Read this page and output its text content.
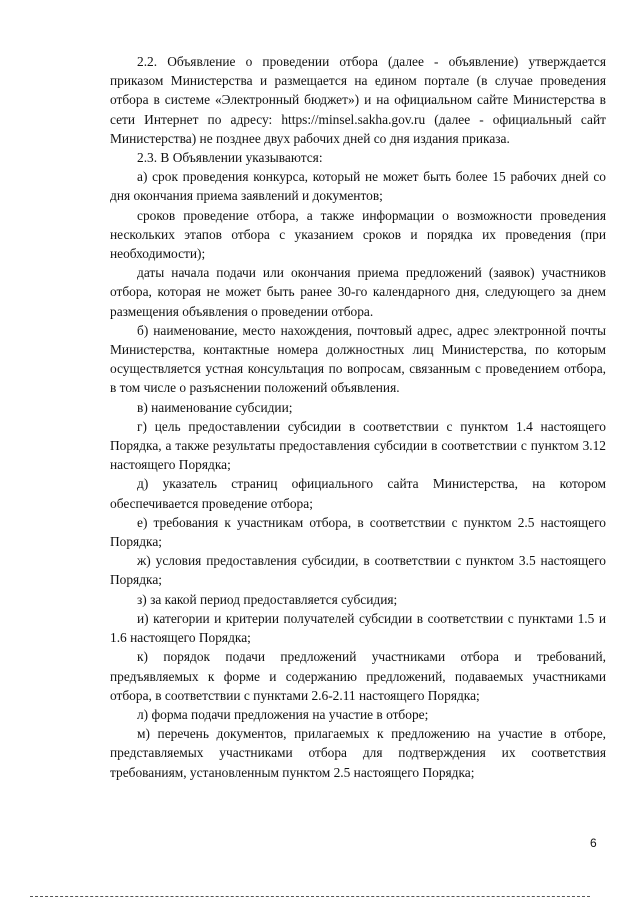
2.2. Объявление о проведении отбора (далее - объявление) утверждается приказом Министерства и размещается на едином портале (в случае проведения отбора в системе «Электронный бюджет») и на официальном сайте Министерства в сети Интернет по адресу: https://minsel.sakha.gov.ru (далее - официальный сайт Министерства) не позднее двух рабочих дней со дня издания приказа.

2.3. В Объявлении указываются:

а) срок проведения конкурса, который не может быть более 15 рабочих дней со дня окончания приема заявлений и документов;

сроков проведение отбора, а также информации о возможности проведения нескольких этапов отбора с указанием сроков и порядка их проведения (при необходимости);

даты начала подачи или окончания приема предложений (заявок) участников отбора, которая не может быть ранее 30-го календарного дня, следующего за днем размещения объявления о проведении отбора.

б) наименование, место нахождения, почтовый адрес, адрес электронной почты Министерства, контактные номера должностных лиц Министерства, по которым осуществляется устная консультация по вопросам, связанным с проведением отбора, в том числе о разъяснении положений объявления.

в) наименование субсидии;

г) цель предоставлении субсидии в соответствии с пунктом 1.4 настоящего Порядка, а также результаты предоставления субсидии в соответствии с пунктом 3.12 настоящего Порядка;

д) указатель страниц официального сайта Министерства, на котором обеспечивается проведение отбора;

е) требования к участникам отбора, в соответствии с пунктом 2.5 настоящего Порядка;

ж) условия предоставления субсидии, в соответствии с пунктом 3.5 настоящего Порядка;

з) за какой период предоставляется субсидия;

и) категории и критерии получателей субсидии в соответствии с пунктами 1.5 и 1.6 настоящего Порядка;

к) порядок подачи предложений участниками отбора и требований, предъявляемых к форме и содержанию предложений, подаваемых участниками отбора, в соответствии с пунктами 2.6-2.11 настоящего Порядка;

л) форма подачи предложения на участие в отборе;

м) перечень документов, прилагаемых к предложению на участие в отборе, представляемых участниками отбора для подтверждения их соответствия требованиям, установленным пунктом 2.5 настоящего Порядка;

6
